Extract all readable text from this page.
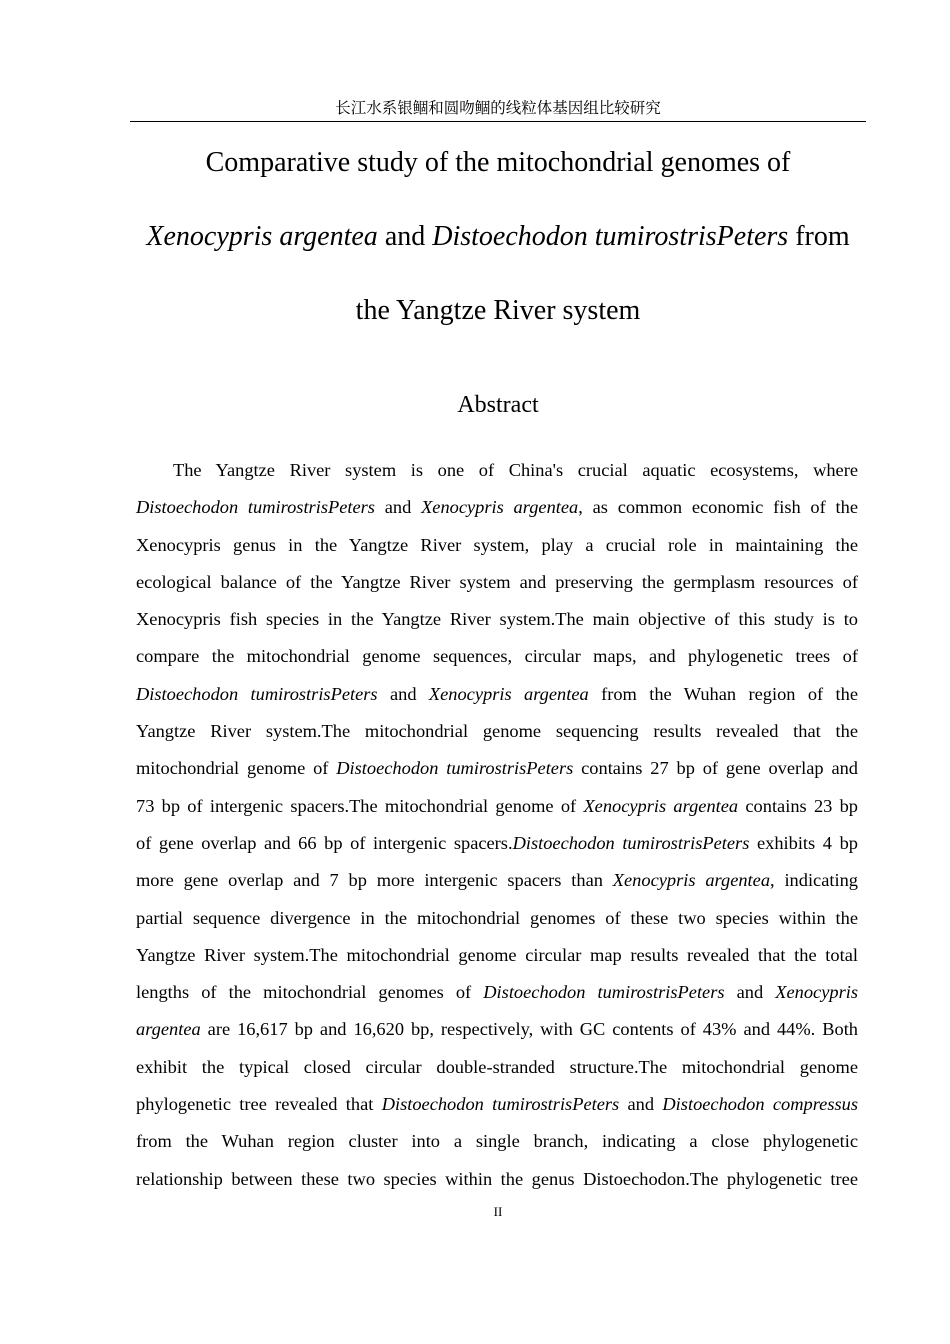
长江水系银鲴和圆吻鲴的线粒体基因组比较研究
Comparative study of the mitochondrial genomes of
Xenocypris argentea and Distoechodon tumirostrisPeters from
the Yangtze River system
Abstract
The Yangtze River system is one of China's crucial aquatic ecosystems, where
Distoechodon tumirostrisPeters and Xenocypris argentea, as common economic fish of the
Xenocypris genus in the Yangtze River system, play a crucial role in maintaining the
ecological balance of the Yangtze River system and preserving the germplasm resources of
Xenocypris fish species in the Yangtze River system.The main objective of this study is to
compare the mitochondrial genome sequences, circular maps, and phylogenetic trees of
Distoechodon tumirostrisPeters and Xenocypris argentea from the Wuhan region of the
Yangtze River system.The mitochondrial genome sequencing results revealed that the
mitochondrial genome of Distoechodon tumirostrisPeters contains 27 bp of gene overlap and
73 bp of intergenic spacers.The mitochondrial genome of Xenocypris argentea contains 23 bp
of gene overlap and 66 bp of intergenic spacers.Distoechodon tumirostrisPeters exhibits 4 bp
more gene overlap and 7 bp more intergenic spacers than Xenocypris argentea, indicating
partial sequence divergence in the mitochondrial genomes of these two species within the
Yangtze River system.The mitochondrial genome circular map results revealed that the total
lengths of the mitochondrial genomes of Distoechodon tumirostrisPeters and Xenocypris
argentea are 16,617 bp and 16,620 bp, respectively, with GC contents of 43% and 44%. Both
exhibit the typical closed circular double-stranded structure.The mitochondrial genome
phylogenetic tree revealed that Distoechodon tumirostrisPeters and Distoechodon compressus
from the Wuhan region cluster into a single branch, indicating a close phylogenetic
relationship between these two species within the genus Distoechodon.The phylogenetic tree
II
